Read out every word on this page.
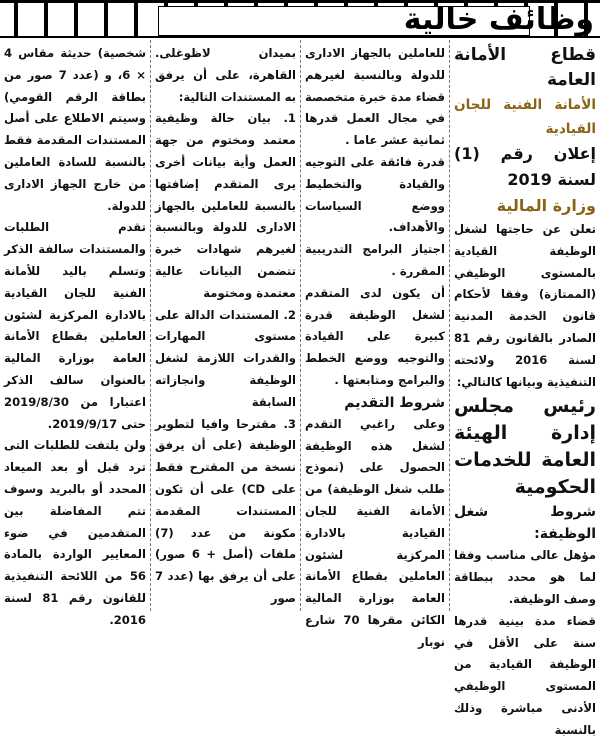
وظائف خالية

قطاع الأمانة العامة

الأمانة الفنية للجان القيادية

إعلان رقم (1) لسنة 2019

وزارة المالية

تعلن عن حاجتها لشغل الوظيفة القيادية بالمستوى الوظيفي (الممتازة) وفقا لأحكام قانون الخدمة المدنية الصادر بالقانون رقم 81 لسنة 2016 ولائحته التنفيذية وبيانها كالتالي:

رئيس مجلس إدارة الهيئة العامة للخدمات الحكومية

شروط شغل الوظيفة:

مؤهل عالى مناسب وفقا لما هو محدد ببطاقة وصف الوظيفة.

قضاء مدة بينية قدرها سنة على الأقل في الوظيفة القيادية من المستوى الوظيفي الأدنى مباشرة وذلك بالنسبة

للعاملين بالجهاز الادارى للدولة وبالنسبة لغيرهم قضاء مدة خبرة متخصصة في مجال العمل قدرها ثمانية عشر عاما .

قدرة فائقة على التوجيه والقيادة والتخطيط ووضع السياسات والأهداف.

اجتياز البرامج التدريبية المقررة .

أن يكون لدى المتقدم لشغل الوظيفة قدرة كبيرة على القيادة والتوجيه ووضع الخطط والبرامج ومتابعتها .

شروط التقديم

وعلى راغبي التقدم لشغل هذه الوظيفة الحصول على (نموذج طلب شغل الوظيفة) من الأمانة الفنية للجان القيادية بالادارة المركزية لشئون العاملين بقطاع الأمانة العامة بوزارة المالية الكائن مقرها 70 شارع نوبار

بميدان لاظوغلى. القاهرة، على أن يرفق به المستندات التالية:

1. بيان حالة وظيفية معتمد ومختوم من جهة العمل وأية بيانات أخرى يرى المتقدم إضافتها بالنسبة للعاملين بالجهاز الادارى للدولة وبالنسبة لغيرهم شهادات خبرة تتضمن البيانات عالية معتمدة ومختومة

2. المستندات الدالة على مستوى المهارات والقدرات اللازمة لشغل الوظيفة وانجازاته السابقة

3. مقترحا وافيا لتطوير الوظيفة (على أن يرفق نسخة من المقترح فقط على CD) على أن تكون المستندات المقدمة مكونة من عدد (7) ملفات (أصل + 6 صور) على أن يرفق بها (عدد 7 صور

شخصية) حديثة مقاس 4 × 6، و (عدد 7 صور من بطاقة الرقم القومي) وسيتم الاطلاع على أصل المستندات المقدمة فقط بالنسبة للسادة العاملين من خارج الجهاز الادارى للدولة.

تقدم الطلبات والمستندات سالفة الذكر وتسلم باليد للأمانة الفنية للجان القيادية بالادارة المركزية لشئون العاملين بقطاع الأمانة العامة بوزارة المالية بالعنوان سالف الذكر اعتبارا من 2019/8/30 حتى 2019/9/17.

ولن يلتفت للطلبات التى ترد قبل أو بعد الميعاد المحدد أو بالبريد وسوف تتم المفاضلة بين المتقدمين في ضوء المعايير الواردة بالمادة 56 من اللائحة التنفيذية للقانون رقم 81 لسنة 2016.
